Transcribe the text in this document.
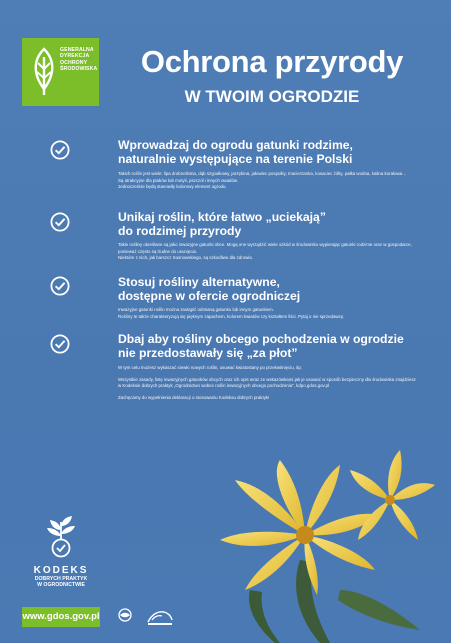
GENERALNA
DYREKCJA
OCHRONY
ŚRODOWISKA	Ochrona przyrody
W TWOIM OGRODZIE
Wprowadzaj do ogrodu gatunki rodzime,
naturalnie występujące na terenie Polski
Takich roślin jest wiele: lipa drobnolistna, dąb szypułkowy, jarzębina, jałowiec pospolity, macierzanka, kosaciec żółty, pałka wodna, kalina koralowa…
Są atrakcyjne dla ptaków lub motyli, pszczół i innych owadów.
Jednocześnie będą stanowiły kolorowy element ogrodu.
Unikaj roślin, które łatwo „uciekają”
do rodzimej przyrody
Takie rośliny określane są jako inwazyjne gatunki obce. Mogą one wyrządzić wiele szkód w środowisku wypierając gatunki rodzime oraz w gospodarce, ponieważ często są trudne do usunięcia.
Niektóre z nich, jak barszcz Sosnowskiego, są szkodliwe dla zdrowia.
Stosuj rośliny alternatywne,
dostępne w ofercie ogrodniczej
Inwazyjne gatunki roślin można zastąpić odmianą gatunku lub innym gatunkiem.
Rośliny te także charakteryzują się pięknym zapachem, kolorem kwiatów czy kształtem liści. Pytaj o nie sprzedawcę.
Dbaj aby rośliny obcego pochodzenia w ogrodzie
nie przedostawały się „za płot”

W tym celu możesz wykaszać siewki nowych roślin, usuwać kwiatostany po przekwitnięciu, itp.

Wszystkie zasady, listę inwazyjnych gatunków obcych oraz ich opis wraz ze wskazówkami jak je usuwać w sposób bezpieczny dla środowiska znajdziesz w Kodeksie dobrych praktyk „Ogrodnictwo wobec roślin inwazyjnych obcego pochodzenia”, kdpo.gdos.gov.pl

Zachęcamy do wypełnienia deklaracji o stosowaniu Kodeksu dobrych praktyk!

KODEKS
DOBRYCH PRAKTYK
W OGRODNICTWIE
www.gdos.gov.pl
